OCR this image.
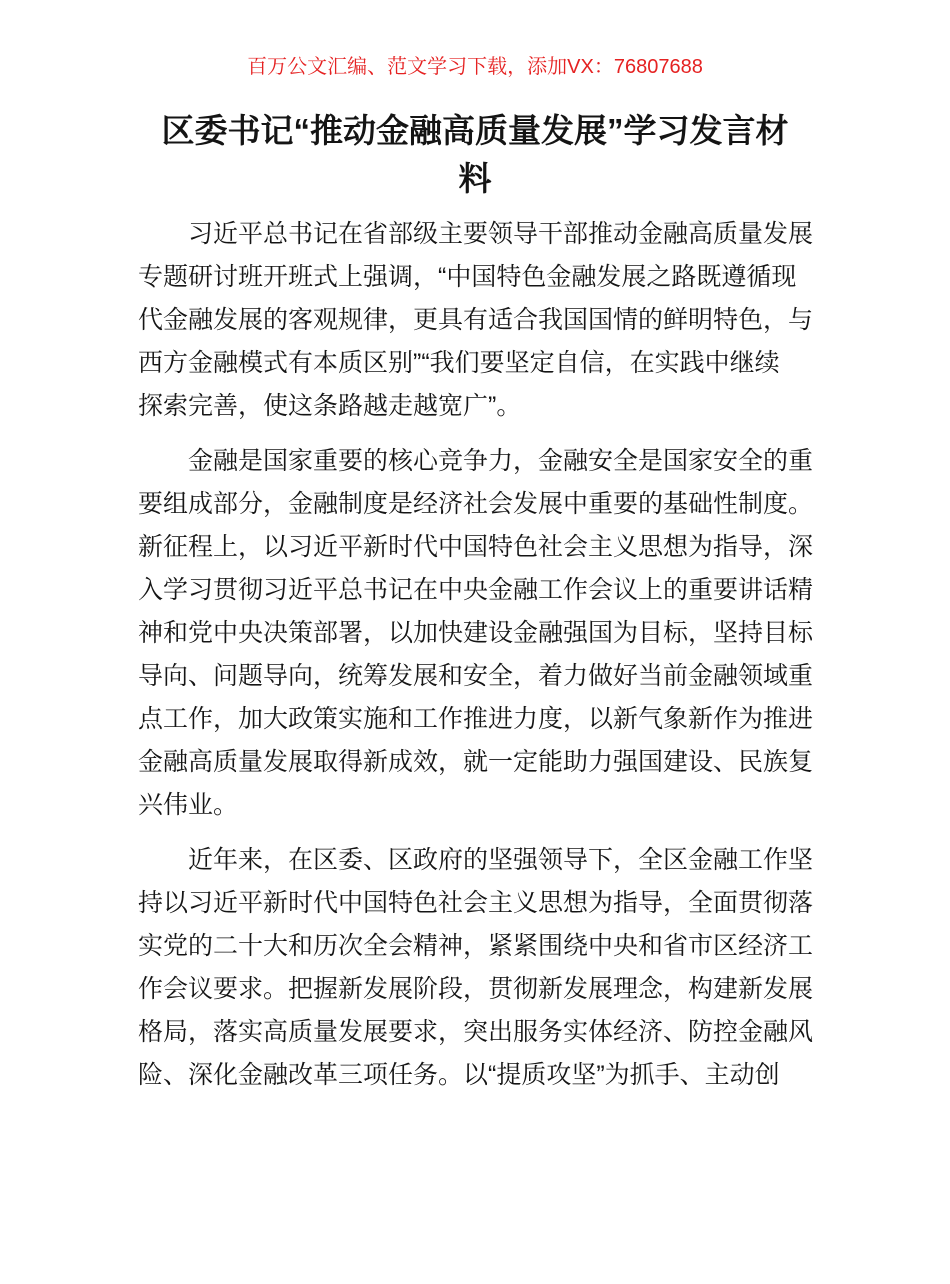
百万公文汇编、范文学习下载，添加VX：76807688
区委书记“推动金融高质量发展”学习发言材
料
习近平总书记在省部级主要领导干部推动金融高质量发展
专题研讨班开班式上强调，“中国特色金融发展之路既遵循现
代金融发展的客观规律，更具有适合我国国情的鲜明特色，与
西方金融模式有本质区别”“我们要坚定自信，在实践中继续
探索完善，使这条路越走越宽广”。
金融是国家重要的核心竞争力，金融安全是国家安全的重
要组成部分，金融制度是经济社会发展中重要的基础性制度。
新征程上，以习近平新时代中国特色社会主义思想为指导，深
入学习贯彻习近平总书记在中央金融工作会议上的重要讲话精
神和党中央决策部署，以加快建设金融强国为目标，坚持目标
导向、问题导向，统筹发展和安全，着力做好当前金融领域重
点工作，加大政策实施和工作推进力度，以新气象新作为推进
金融高质量发展取得新成效，就一定能助力强国建设、民族复
兴伟业。
近年来，在区委、区政府的坚强领导下，全区金融工作坚
持以习近平新时代中国特色社会主义思想为指导，全面贯彻落
实党的二十大和历次全会精神，紧紧围绕中央和省市区经济工
作会议要求。把握新发展阶段，贯彻新发展理念，构建新发展
格局，落实高质量发展要求，突出服务实体经济、防控金融风
险、深化金融改革三项任务。以“提质攻坚”为抓手、主动创
